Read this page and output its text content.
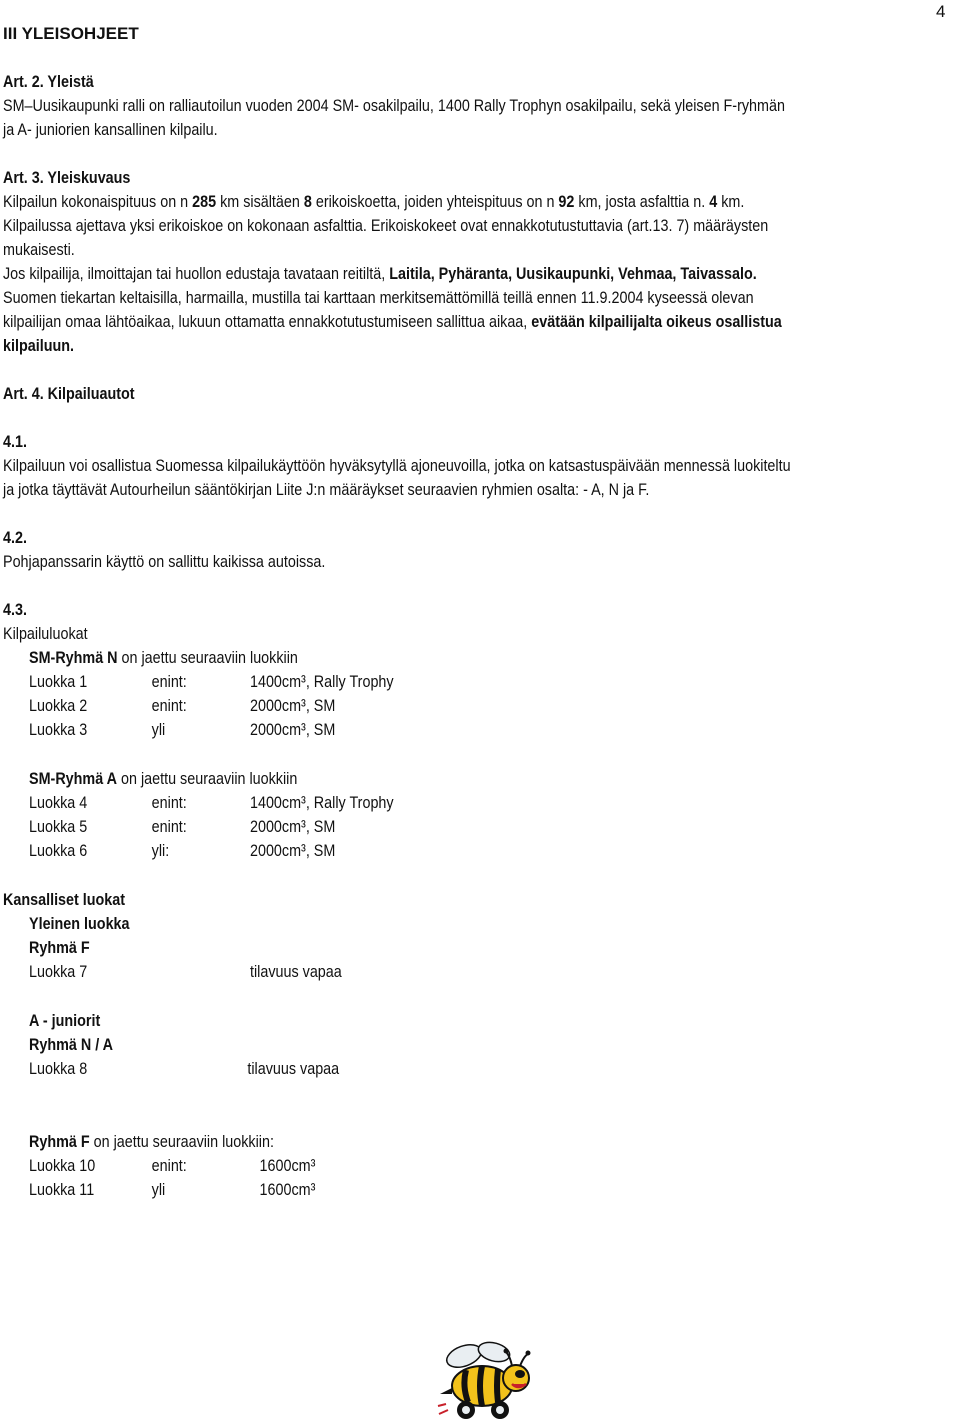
4
III YLEISOHJEET
Art. 2. Yleistä
SM–Uusikaupunki ralli on ralliautoilun vuoden 2004 SM- osakilpailu, 1400 Rally Trophyn osakilpailu, sekä yleisen F-ryhmän
ja A- juniorien kansallinen kilpailu.
Art. 3. Yleiskuvaus
Kilpailun kokonaispituus on n 285 km sisältäen 8 erikoiskoetta, joiden yhteispituus on n 92 km, josta asfalttia n. 4 km.
Kilpailussa ajettava yksi erikoiskoe on kokonaan asfalttia. Erikoiskokeet ovat ennakkotutustuttavia (art.13. 7) määräysten
mukaisesti.
Jos kilpailija, ilmoittajan tai huollon edustaja tavataan reitiltä, Laitila, Pyhäranta, Uusikaupunki, Vehmaa, Taivassalo.
Suomen tiekartan keltaisilla, harmailla, mustilla tai karttaan merkitsemättömillä teillä ennen 11.9.2004 kyseessä olevan
kilpailijan omaa lähtöaikaa, lukuun ottamatta ennakkotutustumiseen sallittua aikaa, evätään kilpailijalta oikeus osallistua
kilpailuun.
Art. 4. Kilpailuautot
4.1.
Kilpailuun voi osallistua Suomessa kilpailukäyttöön hyväksytyllä ajoneuvoilla, jotka on katsastuspäivään mennessä luokiteltu
ja jotka täyttävät Autourheilun sääntökirjan Liite J:n määräykset seuraavien ryhmien osalta: - A, N ja F.
4.2.
Pohjapanssarin käyttö on sallittu kaikissa autoissa.
4.3.
Kilpailuluokat
SM-Ryhmä N on jaettu seuraaviin luokkiin
Luokka 1	enint:	1400cm³, Rally Trophy
Luokka 2	enint:	2000cm³, SM
Luokka 3	yli	2000cm³, SM
SM-Ryhmä A on jaettu seuraaviin luokkiin
Luokka 4	enint:	1400cm³, Rally Trophy
Luokka 5	enint:	2000cm³, SM
Luokka 6	yli:	2000cm³, SM
Kansalliset luokat
Yleinen luokka
Ryhmä F
Luokka 7	tilavuus vapaa
A - juniorit
Ryhmä N / A
Luokka 8	tilavuus vapaa
Ryhmä F on jaettu seuraaviin luokkiin:
Luokka 10	enint:	1600cm³
Luokka 11	yli	1600cm³
